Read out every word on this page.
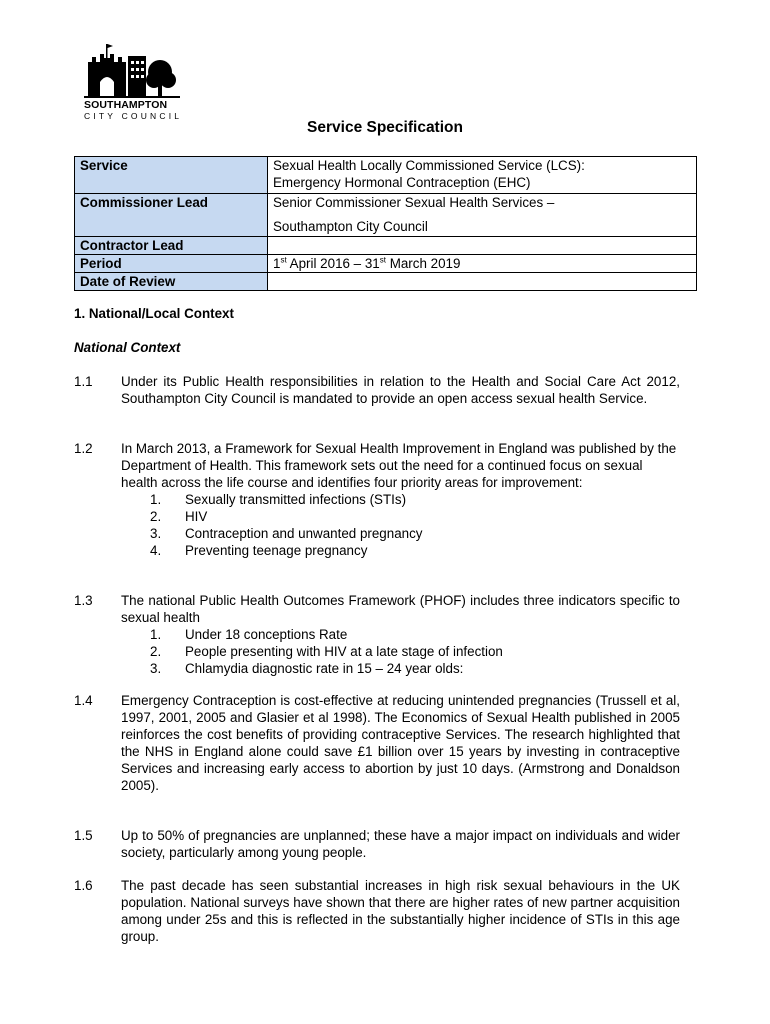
SOUTHAMPTON
CITY COUNCIL
Service Specification
Service	Sexual Health Locally Commissioned Service (LCS):
Emergency Hormonal Contraception (EHC)

Commissioner Lead	Senior Commissioner Sexual Health Services –
Southampton City Council

Contractor Lead	
Period	1st April 2016 – 31st March 2019
Date of Review	
1. National/Local Context
National Context
1.1 Under its Public Health responsibilities in relation to the Health and Social Care Act 2012, Southampton City Council is mandated to provide an open access sexual health Service.
1.2 In March 2013, a Framework for Sexual Health Improvement in England was published by the Department of Health. This framework sets out the need for a continued focus on sexual health across the life course and identifies four priority areas for improvement:
1. Sexually transmitted infections (STIs)
2. HIV
3. Contraception and unwanted pregnancy
4. Preventing teenage pregnancy
1.3 The national Public Health Outcomes Framework (PHOF) includes three indicators specific to sexual health
1. Under 18 conceptions Rate
2. People presenting with HIV at a late stage of infection
3. Chlamydia diagnostic rate in 15 – 24 year olds:
1.4 Emergency Contraception is cost-effective at reducing unintended pregnancies (Trussell et al, 1997, 2001, 2005 and Glasier et al 1998). The Economics of Sexual Health published in 2005 reinforces the cost benefits of providing contraceptive Services. The research highlighted that the NHS in England alone could save £1 billion over 15 years by investing in contraceptive Services and increasing early access to abortion by just 10 days. (Armstrong and Donaldson 2005).
1.5 Up to 50% of pregnancies are unplanned; these have a major impact on individuals and wider society, particularly among young people.
1.6 The past decade has seen substantial increases in high risk sexual behaviours in the UK population. National surveys have shown that there are higher rates of new partner acquisition among under 25s and this is reflected in the substantially higher incidence of STIs in this age group.
